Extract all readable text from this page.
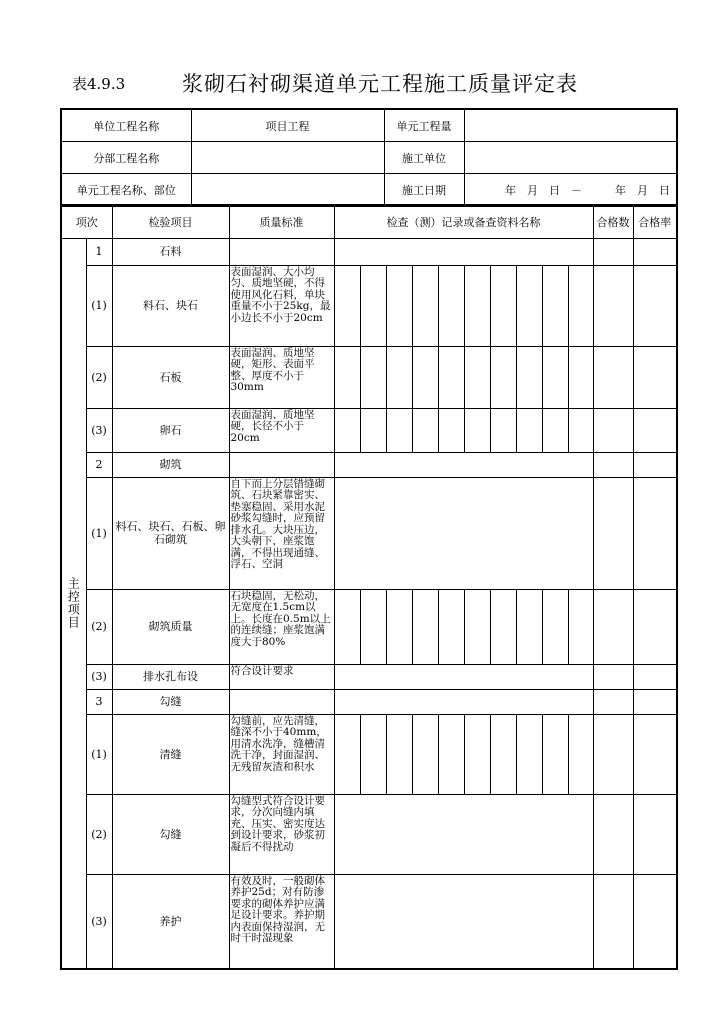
表4.9.3	浆砌石衬砌渠道单元工程施工质量评定表
单位工程名称	项目工程	单元工程量	
分部工程名称		施工单位	
单元工程名称、部位		施工日期	年　月　日　－　　　年　月　日
项次		检验项目	质量标准	检查（测）记录或备查资料名称										合格数	合格率
主控项目	1	石料													
	(1)	料石、块石	表面湿润、大小均匀、质地坚硬，不得使用风化石料，单块重量不小于25kg，最小边长不小于20cm												
	(2)	石板	表面湿润、质地坚硬，矩形、表面平整、厚度不小于30mm												
	(3)	卵石	表面湿润、质地坚硬，长径不小于20cm												
	2	砌筑													
	(1)	料石、块石、石板、卵石砌筑	自下而上分层错缝砌筑、石块紧靠密实、垫塞稳固、采用水泥砂浆勾缝时，应预留排水孔。大块压边，大头朝下，座浆饱满，不得出现通缝、浮石、空洞												
	(2)	砌筑质量	石块稳固，无松动，无宽度在1.5cm以上。长度在0.5m以上的连续缝；座浆饱满度大于80%												
	(3)	排水孔布设	符合设计要求												
	3	勾缝													
	(1)	清缝	勾缝前，应先清缝，缝深不小于40mm，用清水洗净，缝槽清洗干净，封面湿润、无残留灰渣和积水												
	(2)	勾缝	勾缝型式符合设计要求，分次向缝内填充、压实、密实度达到设计要求，砂浆初凝后不得扰动												
	(3)	养护	有效及时，一般砌体养护25d；对有防渗要求的砌体养护应满足设计要求。养护期内表面保持湿润，无时干时湿现象												
